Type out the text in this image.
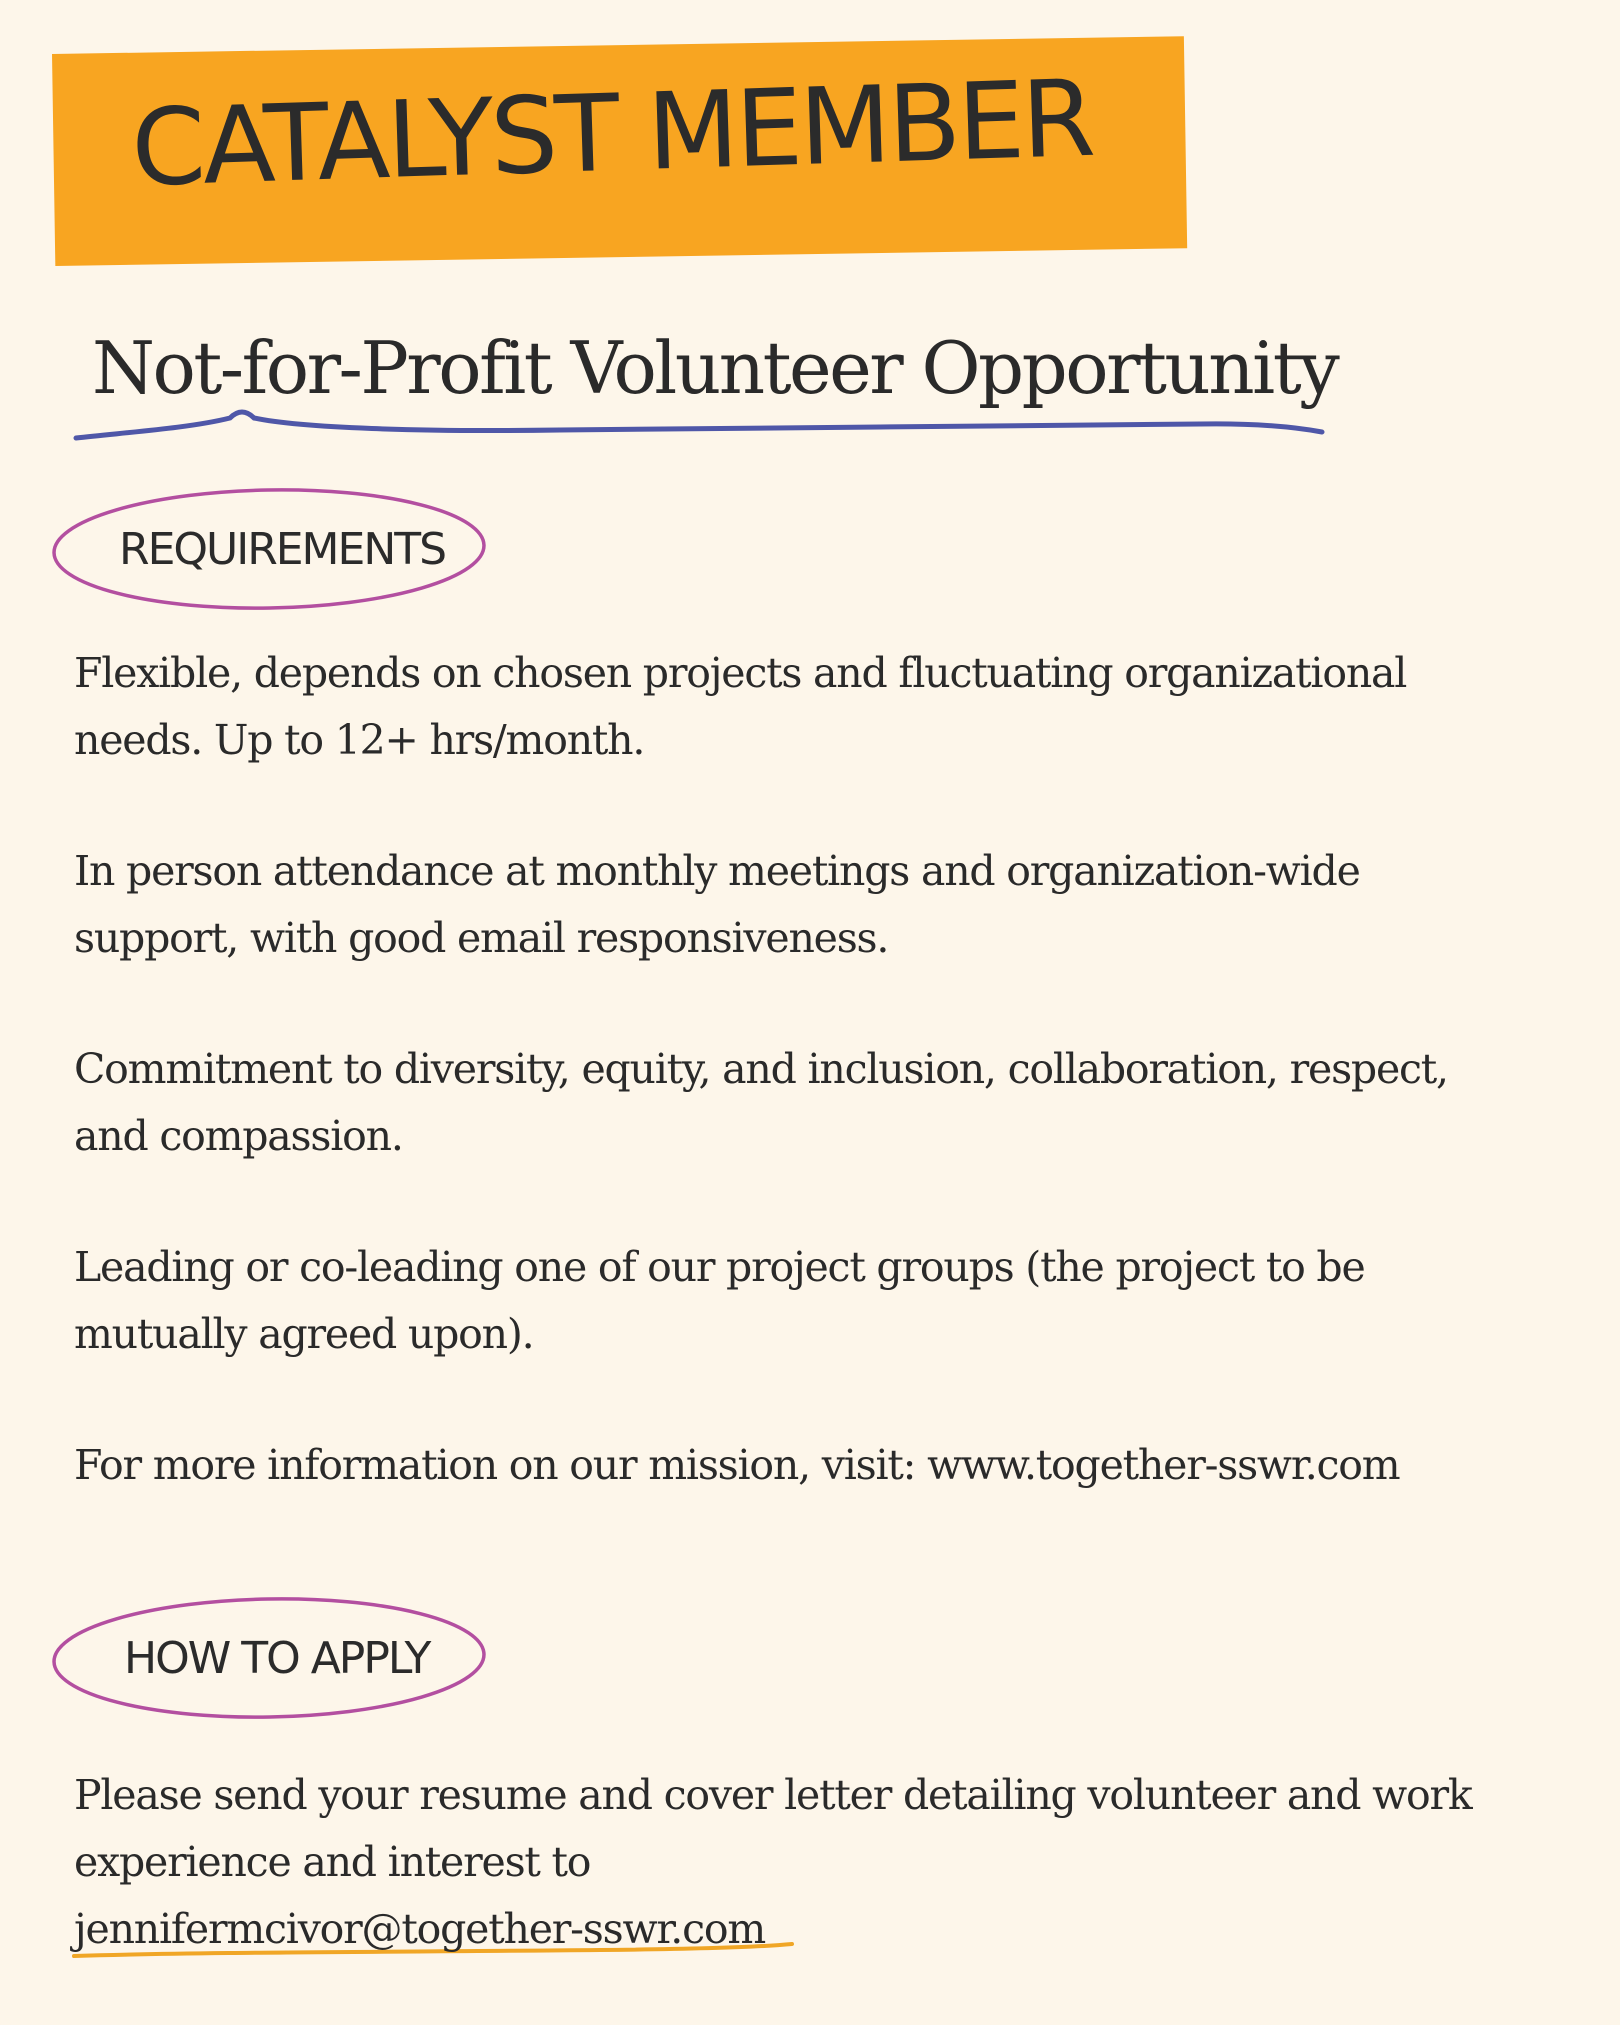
CATALYST MEMBER
Not-for-Profit Volunteer Opportunity
REQUIREMENTS

Flexible, depends on chosen projects and fluctuating organizational
needs. Up to 12+ hrs/month.

In person attendance at monthly meetings and organization-wide
support, with good email responsiveness.

Commitment to diversity, equity, and inclusion, collaboration, respect,
and compassion.

Leading or co-leading one of our project groups (the project to be
mutually agreed upon).

For more information on our mission, visit: www.together-sswr.com

HOW TO APPLY

Please send your resume and cover letter detailing volunteer and work
experience and interest to
jennifermcivor@together-sswr.com
